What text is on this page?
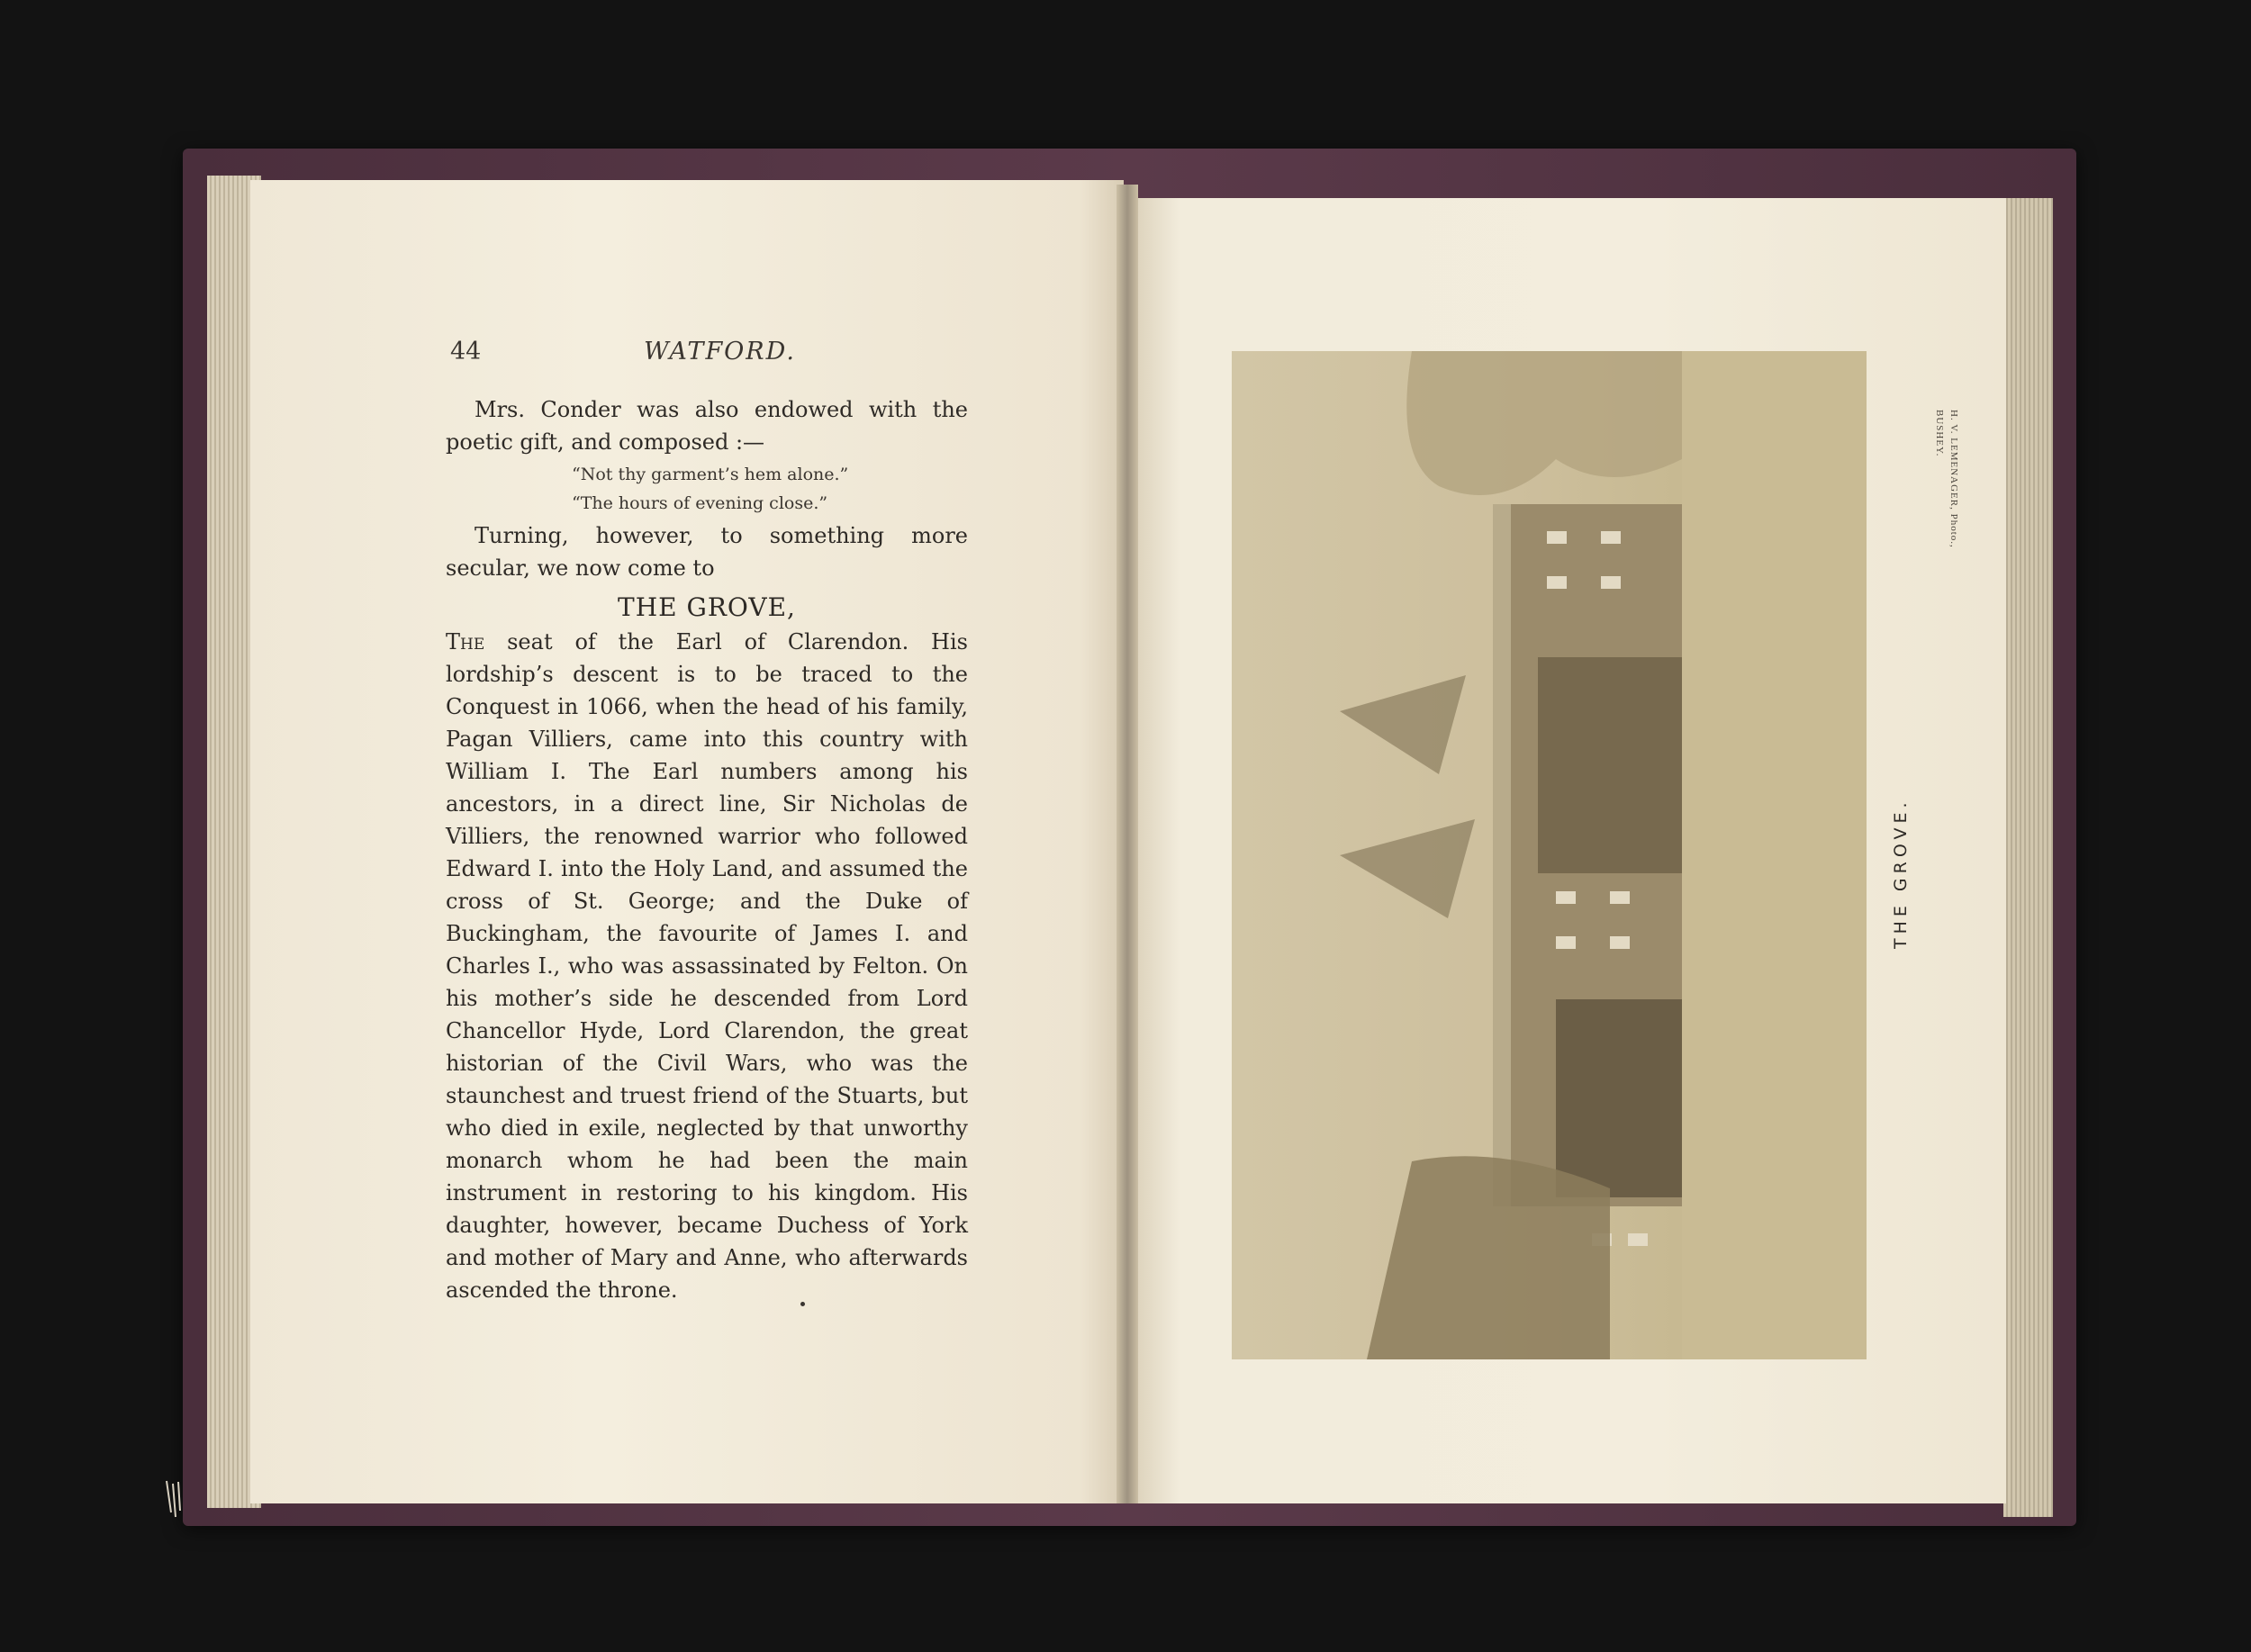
44	WATFORD.

Mrs. Conder was also endowed with the poetic gift, and composed :—

“Not thy garment’s hem alone.”
“The hours of evening close.”

Turning, however, to something more secular, we now come to

THE GROVE,

The seat of the Earl of Clarendon. His lordship’s descent is to be traced to the Conquest in 1066, when the head of his family, Pagan Villiers, came into this country with William I. The Earl numbers among his ancestors, in a direct line, Sir Nicholas de Villiers, the renowned warrior who followed Edward I. into the Holy Land, and assumed the cross of St. George; and the Duke of Buckingham, the favourite of James I. and Charles I., who was assassinated by Felton. On his mother’s side he descended from Lord Chancellor Hyde, Lord Clarendon, the great historian of the Civil Wars, who was the staunchest and truest friend of the Stuarts, but who died in exile, neglected by that unworthy monarch whom he had been the main instrument in restoring to his kingdom. His daughter, however, became Duchess of York and mother of Mary and Anne, who afterwards ascended the throne.

H. V. LEMENAGER, Photo.,
BUSHEY.
THE GROVE.
